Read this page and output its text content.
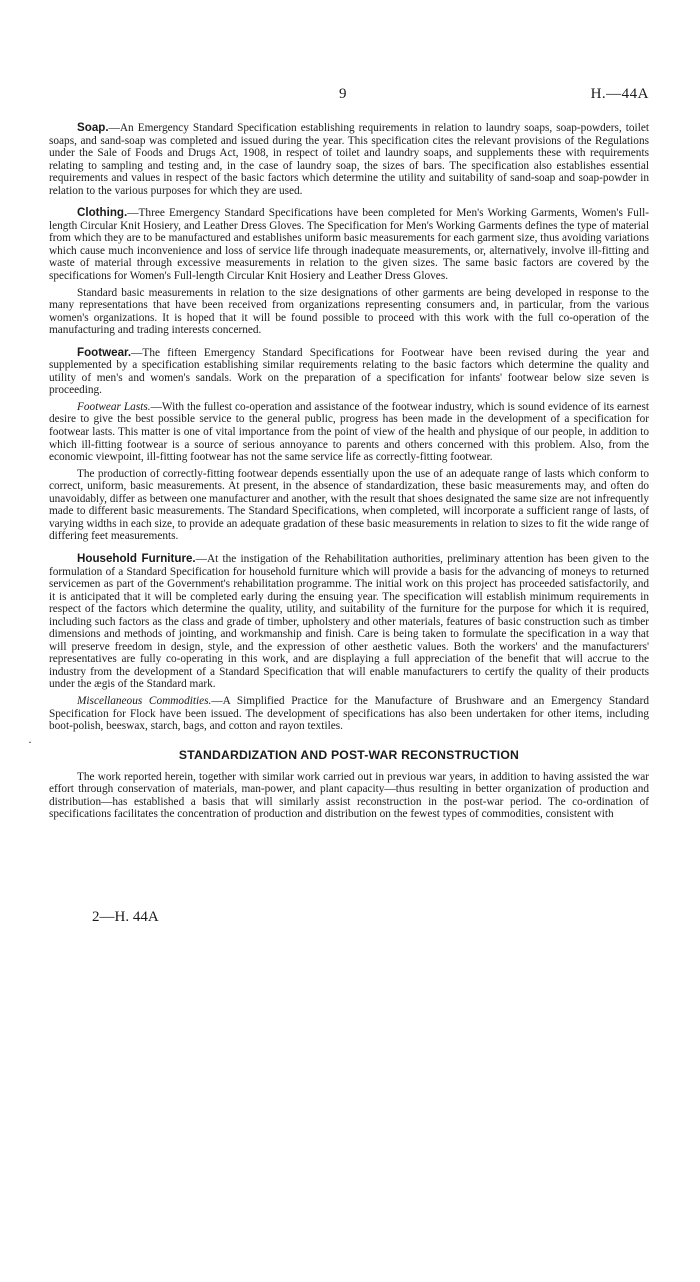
9	H.—44A
·

Soap.—An Emergency Standard Specification establishing requirements in relation to laundry soaps, soap-powders, toilet soaps, and sand-soap was completed and issued during the year. This specification cites the relevant provisions of the Regulations under the Sale of Foods and Drugs Act, 1908, in respect of toilet and laundry soaps, and supplements these with requirements relating to sampling and testing and, in the case of laundry soap, the sizes of bars. The specification also establishes essential requirements and values in respect of the basic factors which determine the utility and suitability of sand-soap and soap-powder in relation to the various purposes for which they are used.

Clothing.—Three Emergency Standard Specifications have been completed for Men's Working Garments, Women's Full-length Circular Knit Hosiery, and Leather Dress Gloves. The Specification for Men's Working Garments defines the type of material from which they are to be manufactured and establishes uniform basic measurements for each garment size, thus avoiding variations which cause much inconvenience and loss of service life through inadequate measurements, or, alternatively, involve ill-fitting and waste of material through excessive measurements in relation to the given sizes. The same basic factors are covered by the specifications for Women's Full-length Circular Knit Hosiery and Leather Dress Gloves.

Standard basic measurements in relation to the size designations of other garments are being developed in response to the many representations that have been received from organizations representing consumers and, in particular, from the various women's organizations. It is hoped that it will be found possible to proceed with this work with the full co-operation of the manufacturing and trading interests concerned.

Footwear.—The fifteen Emergency Standard Specifications for Footwear have been revised during the year and supplemented by a specification establishing similar requirements relating to the basic factors which determine the quality and utility of men's and women's sandals. Work on the preparation of a specification for infants' footwear below size seven is proceeding.

Footwear Lasts.—With the fullest co-operation and assistance of the footwear industry, which is sound evidence of its earnest desire to give the best possible service to the general public, progress has been made in the development of a specification for footwear lasts. This matter is one of vital importance from the point of view of the health and physique of our people, in addition to which ill-fitting footwear is a source of serious annoyance to parents and others concerned with this problem. Also, from the economic viewpoint, ill-fitting footwear has not the same service life as correctly-fitting footwear.

The production of correctly-fitting footwear depends essentially upon the use of an adequate range of lasts which conform to correct, uniform, basic measurements. At present, in the absence of standardization, these basic measurements may, and often do unavoidably, differ as between one manufacturer and another, with the result that shoes designated the same size are not infrequently made to different basic measurements. The Standard Specifications, when completed, will incorporate a sufficient range of lasts, of varying widths in each size, to provide an adequate gradation of these basic measurements in relation to sizes to fit the wide range of differing feet measurements.

Household Furniture.—At the instigation of the Rehabilitation authorities, preliminary attention has been given to the formulation of a Standard Specification for household furniture which will provide a basis for the advancing of moneys to returned servicemen as part of the Government's rehabilitation programme. The initial work on this project has proceeded satisfactorily, and it is anticipated that it will be completed early during the ensuing year. The specification will establish minimum requirements in respect of the factors which determine the quality, utility, and suitability of the furniture for the purpose for which it is required, including such factors as the class and grade of timber, upholstery and other materials, features of basic construction such as timber dimensions and methods of jointing, and workmanship and finish. Care is being taken to formulate the specification in a way that will preserve freedom in design, style, and the expression of other aesthetic values. Both the workers' and the manufacturers' representatives are fully co-operating in this work, and are displaying a full appreciation of the benefit that will accrue to the industry from the development of a Standard Specification that will enable manufacturers to certify the quality of their products under the ægis of the Standard mark.

Miscellaneous Commodities.—A Simplified Practice for the Manufacture of Brushware and an Emergency Standard Specification for Flock have been issued. The development of specifications has also been undertaken for other items, including boot-polish, beeswax, starch, bags, and cotton and rayon textiles.

STANDARDIZATION AND POST-WAR RECONSTRUCTION

The work reported herein, together with similar work carried out in previous war years, in addition to having assisted the war effort through conservation of materials, man-power, and plant capacity—thus resulting in better organization of production and distribution—has established a basis that will similarly assist reconstruction in the post-war period. The co-ordination of specifications facilitates the concentration of production and distribution on the fewest types of commodities, consistent with

2—H. 44A
